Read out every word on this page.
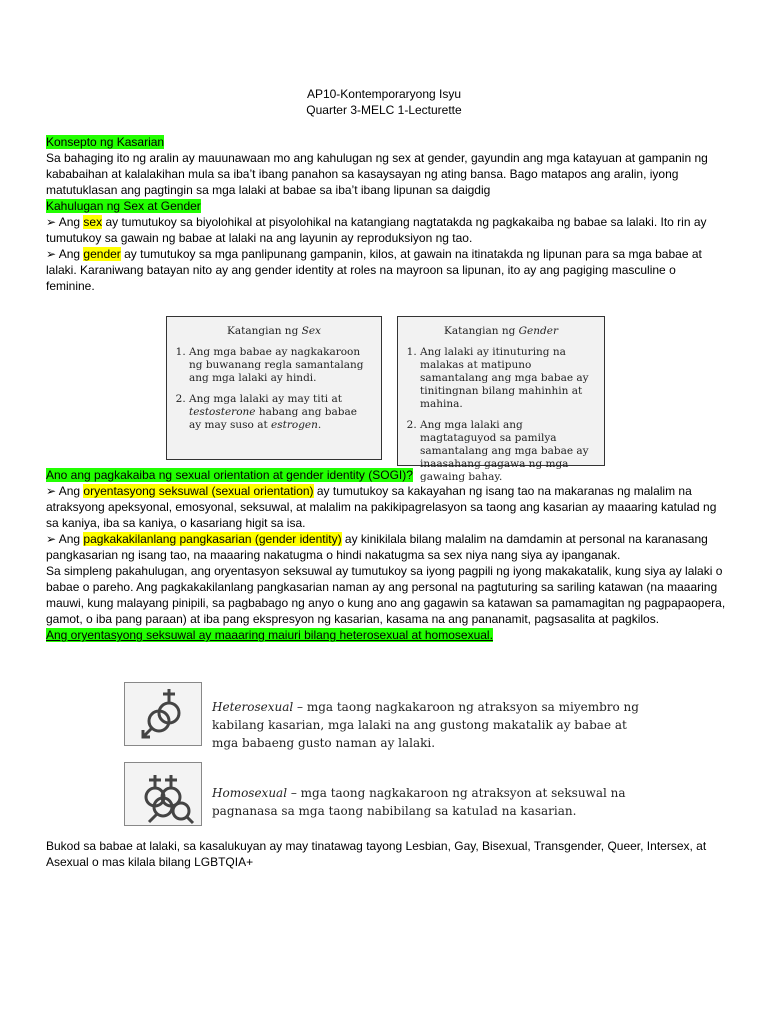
AP10-Kontemporaryong Isyu
Quarter 3-MELC 1-Lecturette
Konsepto ng Kasarian
Sa bahaging ito ng aralin ay mauunawaan mo ang kahulugan ng sex at gender, gayundin ang mga katayuan at gampanin ng kababaihan at kalalakihan mula sa iba’t ibang panahon sa kasaysayan ng ating bansa. Bago matapos ang aralin, iyong matutuklasan ang pagtingin sa mga lalaki at babae sa iba’t ibang lipunan sa daigdig
Kahulugan ng Sex at Gender
➢ Ang sex ay tumutukoy sa biyolohikal at pisyolohikal na katangiang nagtatakda ng pagkakaiba ng babae sa lalaki. Ito rin ay tumutukoy sa gawain ng babae at lalaki na ang layunin ay reproduksiyon ng tao.
➢ Ang gender ay tumutukoy sa mga panlipunang gampanin, kilos, at gawain na itinatakda ng lipunan para sa mga babae at lalaki. Karaniwang batayan nito ay ang gender identity at roles na mayroon sa lipunan, ito ay ang pagiging masculine o feminine.
Katangian ng Sex
1. Ang mga babae ay nagkakaroon ng buwanang regla samantalang ang mga lalaki ay hindi.
2. Ang mga lalaki ay may titi at testosterone habang ang babae ay may suso at estrogen.
Katangian ng Gender
1. Ang lalaki ay itinuturing na malakas at matipuno samantalang ang mga babae ay tinitingnan bilang mahinhin at mahina.
2. Ang mga lalaki ang magtataguyod sa pamilya samantalang ang mga babae ay inaasahang gagawa ng mga gawaing bahay.
Ano ang pagkakaiba ng sexual orientation at gender identity (SOGI)?
➢ Ang oryentasyong seksuwal (sexual orientation) ay tumutukoy sa kakayahan ng isang tao na makaranas ng malalim na atraksyong apeksyonal, emosyonal, seksuwal, at malalim na pakikipagrelasyon sa taong ang kasarian ay maaaring katulad ng sa kaniya, iba sa kaniya, o kasariang higit sa isa.
➢ Ang pagkakakilanlang pangkasarian (gender identity) ay kinikilala bilang malalim na damdamin at personal na karanasang pangkasarian ng isang tao, na maaaring nakatugma o hindi nakatugma sa sex niya nang siya ay ipanganak.
Sa simpleng pakahulugan, ang oryentasyon seksuwal ay tumutukoy sa iyong pagpili ng iyong makakatalik, kung siya ay lalaki o babae o pareho. Ang pagkakakilanlang pangkasarian naman ay ang personal na pagtuturing sa sariling katawan (na maaaring mauwi, kung malayang pinipili, sa pagbabago ng anyo o kung ano ang gagawin sa katawan sa pamamagitan ng pagpapaopera, gamot, o iba pang paraan) at iba pang ekspresyon ng kasarian, kasama na ang pananamit, pagsasalita at pagkilos.
Ang oryentasyong seksuwal ay maaaring maiuri bilang heterosexual at homosexual.
Heterosexual – mga taong nagkakaroon ng atraksyon sa miyembro ng kabilang kasarian, mga lalaki na ang gustong makatalik ay babae at mga babaeng gusto naman ay lalaki.
Homosexual – mga taong nagkakaroon ng atraksyon at seksuwal na pagnanasa sa mga taong nabibilang sa katulad na kasarian.
Bukod sa babae at lalaki, sa kasalukuyan ay may tinatawag tayong Lesbian, Gay, Bisexual, Transgender, Queer, Intersex, at Asexual o mas kilala bilang LGBTQIA+
